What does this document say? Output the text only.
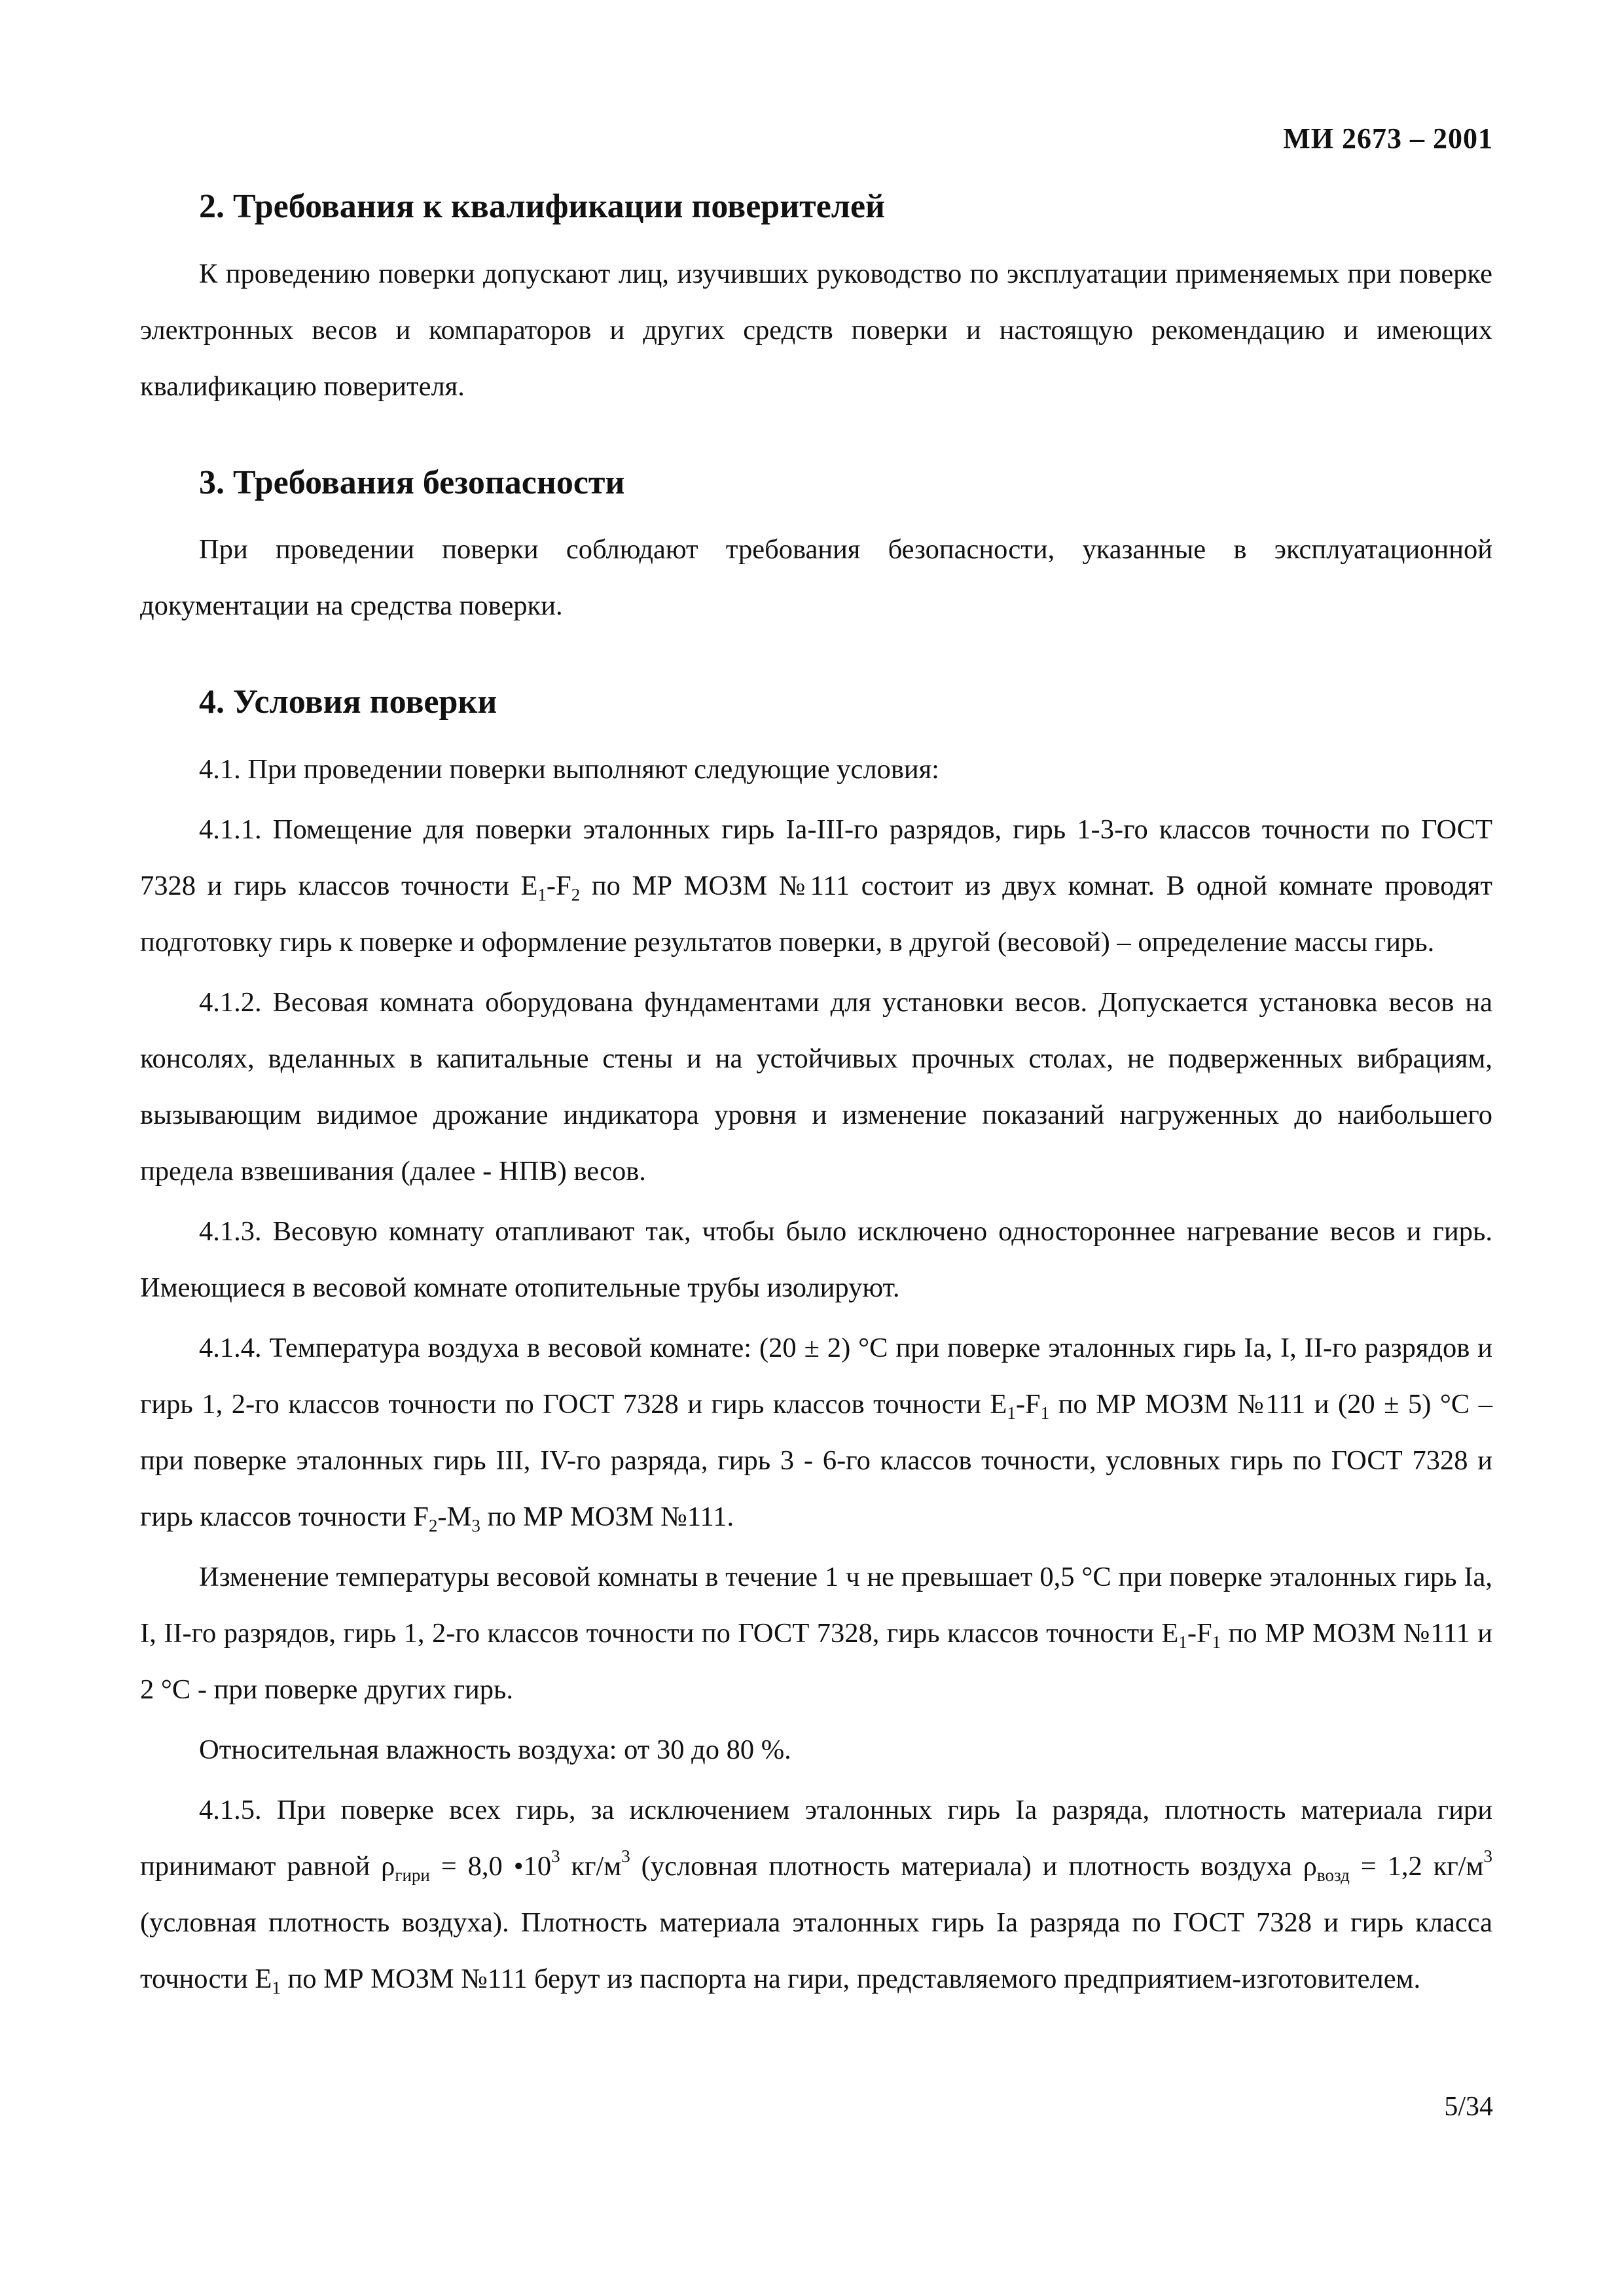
МИ 2673 – 2001
2. Требования к квалификации поверителей

К проведению поверки допускают лиц, изучивших руководство по эксплуатации применяемых при поверке электронных весов и компараторов и других средств поверки и настоящую рекомендацию и имеющих квалификацию поверителя.

3. Требования безопасности

При проведении поверки соблюдают требования безопасности, указанные в эксплуатационной документации на средства поверки.

4. Условия поверки

4.1. При проведении поверки выполняют следующие условия:

4.1.1. Помещение для поверки эталонных гирь Ia-III-го разрядов, гирь 1-3-го классов точности по ГОСТ 7328 и гирь классов точности $E_1-F_2$ по МР МОЗМ №111 состоит из двух комнат. В одной комнате проводят подготовку гирь к поверке и оформление результатов поверки, в другой (весовой) – определение массы гирь.

4.1.2. Весовая комната оборудована фундаментами для установки весов. Допускается установка весов на консолях, вделанных в капитальные стены и на устойчивых прочных столах, не подверженных вибрациям, вызывающим видимое дрожание индикатора уровня и изменение показаний нагруженных до наибольшего предела взвешивания (далее - НПВ) весов.

4.1.3. Весовую комнату отапливают так, чтобы было исключено одностороннее нагревание весов и гирь. Имеющиеся в весовой комнате отопительные трубы изолируют.

4.1.4. Температура воздуха в весовой комнате: (20 ± 2) °С при поверке эталонных гирь Ia, I, II-го разрядов и гирь 1, 2-го классов точности по ГОСТ 7328 и гирь классов точности $E_1-F_1$ по МР МОЗМ №111 и (20 ± 5) °С – при поверке эталонных гирь III, IV-го разряда, гирь 3 - 6-го классов точности, условных гирь по ГОСТ 7328 и гирь классов точности $F_2-M_3$ по МР МОЗМ №111.

Изменение температуры весовой комнаты в течение 1 ч не превышает 0,5 °С при поверке эталонных гирь Ia, I, II-го разрядов, гирь 1, 2-го классов точности по ГОСТ 7328, гирь классов точности $E_1-F_1$ по МР МОЗМ №111 и 2 °С - при поверке других гирь.

Относительная влажность воздуха: от 30 до 80 %.

4.1.5. При поверке всех гирь, за исключением эталонных гирь Ia разряда, плотность материала гири принимают равной $\rho_{гири} = 8,0$ $•10^3$ $кг/м^3$ (условная плотность материала) и плотность воздуха $\rho_{возд} = 1,2$ $кг/м^3$ (условная плотность воздуха). Плотность материала эталонных гирь Ia разряда по ГОСТ 7328 и гирь класса точности $E_1$ по МР МОЗМ №111 берут из паспорта на гири, представляемого предприятием-изготовителем.

5/34
